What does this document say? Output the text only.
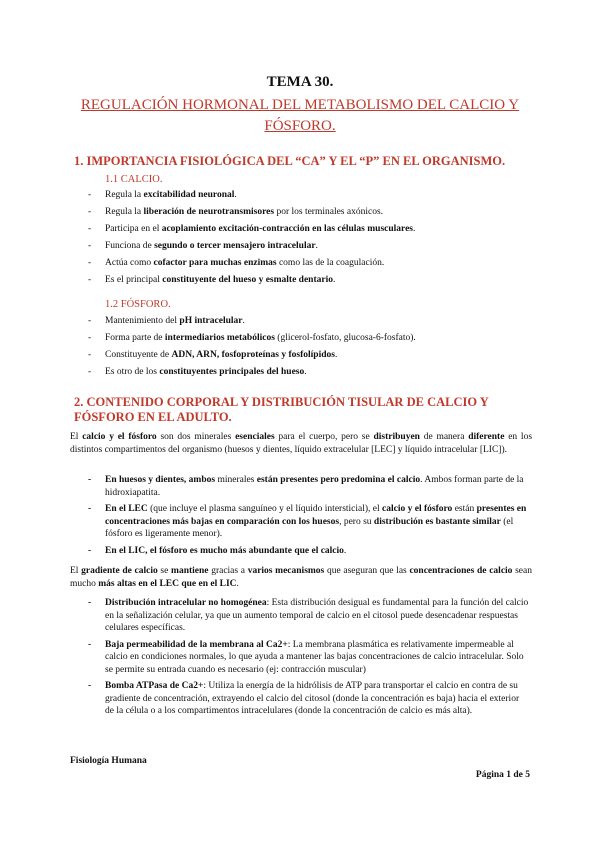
TEMA 30.
REGULACIÓN HORMONAL DEL METABOLISMO DEL CALCIO Y FÓSFORO.
1. IMPORTANCIA FISIOLÓGICA DEL “CA” Y EL “P” EN EL ORGANISMO.
1.1 CALCIO.
- Regula la excitabilidad neuronal.
- Regula la liberación de neurotransmisores por los terminales axónicos.
- Participa en el acoplamiento excitación-contracción en las células musculares.
- Funciona de segundo o tercer mensajero intracelular.
- Actúa como cofactor para muchas enzimas como las de la coagulación.
- Es el principal constituyente del hueso y esmalte dentario.
1.2 FÓSFORO.
- Mantenimiento del pH intracelular.
- Forma parte de intermediarios metabólicos (glicerol-fosfato, glucosa-6-fosfato).
- Constituyente de ADN, ARN, fosfoproteínas y fosfolípidos.
- Es otro de los constituyentes principales del hueso.
2. CONTENIDO CORPORAL Y DISTRIBUCIÓN TISULAR DE CALCIO Y FÓSFORO EN EL ADULTO.
El calcio y el fósforo son dos minerales esenciales para el cuerpo, pero se distribuyen de manera diferente en los distintos compartimentos del organismo (huesos y dientes, líquido extracelular [LEC] y líquido intracelular [LIC]).
- En huesos y dientes, ambos minerales están presentes pero predomina el calcio. Ambos forman parte de la hidroxiapatita.
- En el LEC (que incluye el plasma sanguíneo y el líquido intersticial), el calcio y el fósforo están presentes en concentraciones más bajas en comparación con los huesos, pero su distribución es bastante similar (el fósforo es ligeramente menor).
- En el LIC, el fósforo es mucho más abundante que el calcio.
El gradiente de calcio se mantiene gracias a varios mecanismos que aseguran que las concentraciones de calcio sean mucho más altas en el LEC que en el LIC.
- Distribución intracelular no homogénea: Esta distribución desigual es fundamental para la función del calcio en la señalización celular, ya que un aumento temporal de calcio en el citosol puede desencadenar respuestas celulares específicas.
- Baja permeabilidad de la membrana al Ca2+: La membrana plasmática es relativamente impermeable al calcio en condiciones normales, lo que ayuda a mantener las bajas concentraciones de calcio intracelular. Solo se permite su entrada cuando es necesario (ej: contracción muscular)
- Bomba ATPasa de Ca2+: Utiliza la energía de la hidrólisis de ATP para transportar el calcio en contra de su gradiente de concentración, extrayendo el calcio del citosol (donde la concentración es baja) hacia el exterior de la célula o a los compartimentos intracelulares (donde la concentración de calcio es más alta).
Fisiología Humana
Página 1 de 5
